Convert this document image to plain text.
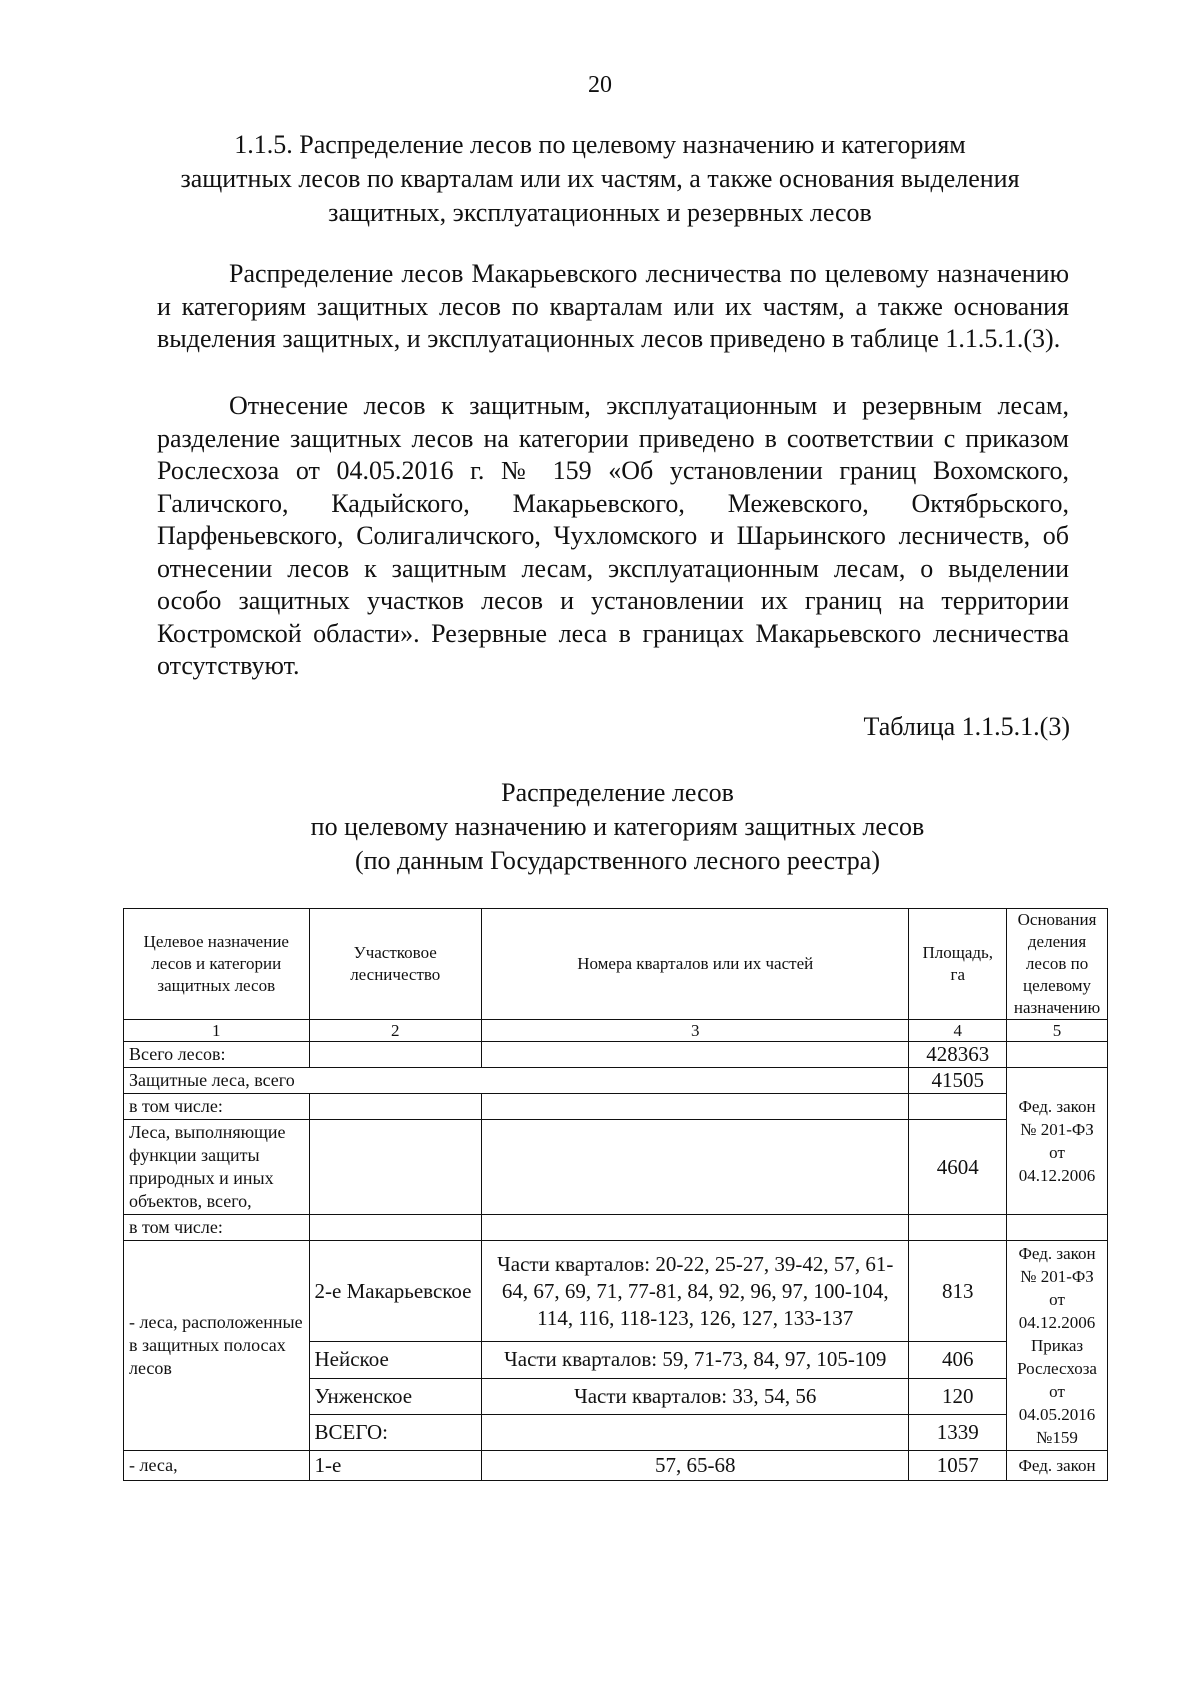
20
1.1.5. Распределение лесов по целевому назначению и категориям
защитных лесов по кварталам или их частям, а также основания выделения
защитных, эксплуатационных и резервных лесов

Распределение лесов Макарьевского лесничества по целевому назначению и категориям защитных лесов по кварталам или их частям, а также основания выделения защитных, и эксплуатационных лесов приведено в таблице 1.1.5.1.(3).

Отнесение лесов к защитным, эксплуатационным и резервным лесам, разделение защитных лесов на категории приведено в соответствии с приказом Рослесхоза от 04.05.2016 г. № 159 «Об установлении границ Вохомского, Галичского, Кадыйского, Макарьевского, Межевского, Октябрьского, Парфеньевского, Солигаличского, Чухломского и Шарьинского лесничеств, об отнесении лесов к защитным лесам, эксплуатационным лесам, о выделении особо защитных участков лесов и установлении их границ на территории Костромской области». Резервные леса в границах Макарьевского лесничества отсутствуют.

Таблица 1.1.5.1.(3)
Распределение лесов
по целевому назначению и категориям защитных лесов
(по данным Государственного лесного реестра)
Целевое назначение лесов и категории защитных лесов	Участковое лесничество	Номера кварталов или их частей	Площадь, га	Основания деления лесов по целевому назначению
1	2	3	4	5
Всего лесов:			428363	
Защитные леса, всего			41505	Фед. закон № 201-ФЗ от 04.12.2006
в том числе:				
Леса, выполняющие функции защиты природных и иных объектов, всего,			4604	
в том числе:				
- леса, расположенные в защитных полосах лесов	2-е Макарьевское	Части кварталов: 20-22, 25-27, 39-42, 57, 61-64, 67, 69, 71, 77-81, 84, 92, 96, 97, 100-104, 114, 116, 118-123, 126, 127, 133-137	813	Фед. закон № 201-ФЗ от 04.12.2006 Приказ Рослесхоза от 04.05.2016 №159
	Нейское	Части кварталов: 59, 71-73, 84, 97, 105-109	406	
	Унженское	Части кварталов: 33, 54, 56	120	
	ВСЕГО:		1339	
- леса,	1-е	57, 65-68	1057	Фед. закон
